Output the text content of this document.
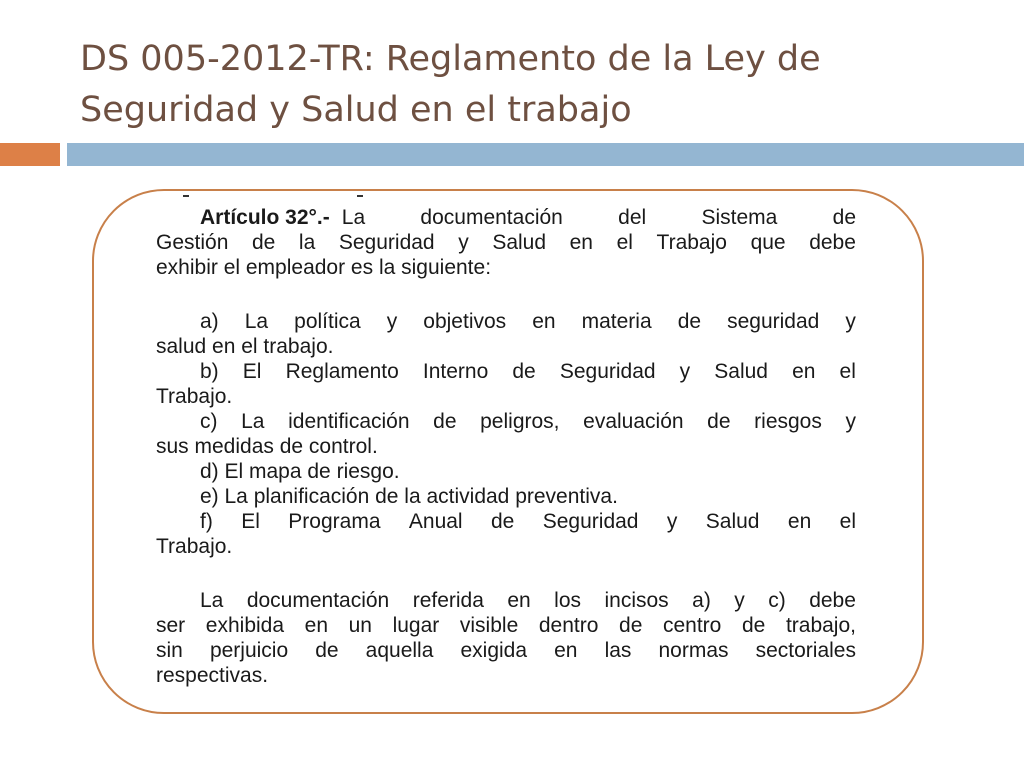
DS 005-2012-TR: Reglamento de la Ley de
Seguridad y Salud en el trabajo
Artículo 32°.- La	documentación	del	Sistema	de
Gestión de la Seguridad y Salud en el Trabajo que debe
exhibir el empleador es la siguiente:
a) La política y objetivos en materia de seguridad y
salud en el trabajo.
b) El Reglamento Interno de Seguridad y Salud en el
Trabajo.
c) La identificación de peligros, evaluación de riesgos y
sus medidas de control.
d) El mapa de riesgo.
e) La planificación de la actividad preventiva.
f) El Programa Anual de Seguridad y Salud en el
Trabajo.
La documentación referida en los incisos a) y c) debe
ser exhibida en un lugar visible dentro de centro de trabajo,
sin perjuicio de aquella exigida en las normas sectoriales
respectivas.
